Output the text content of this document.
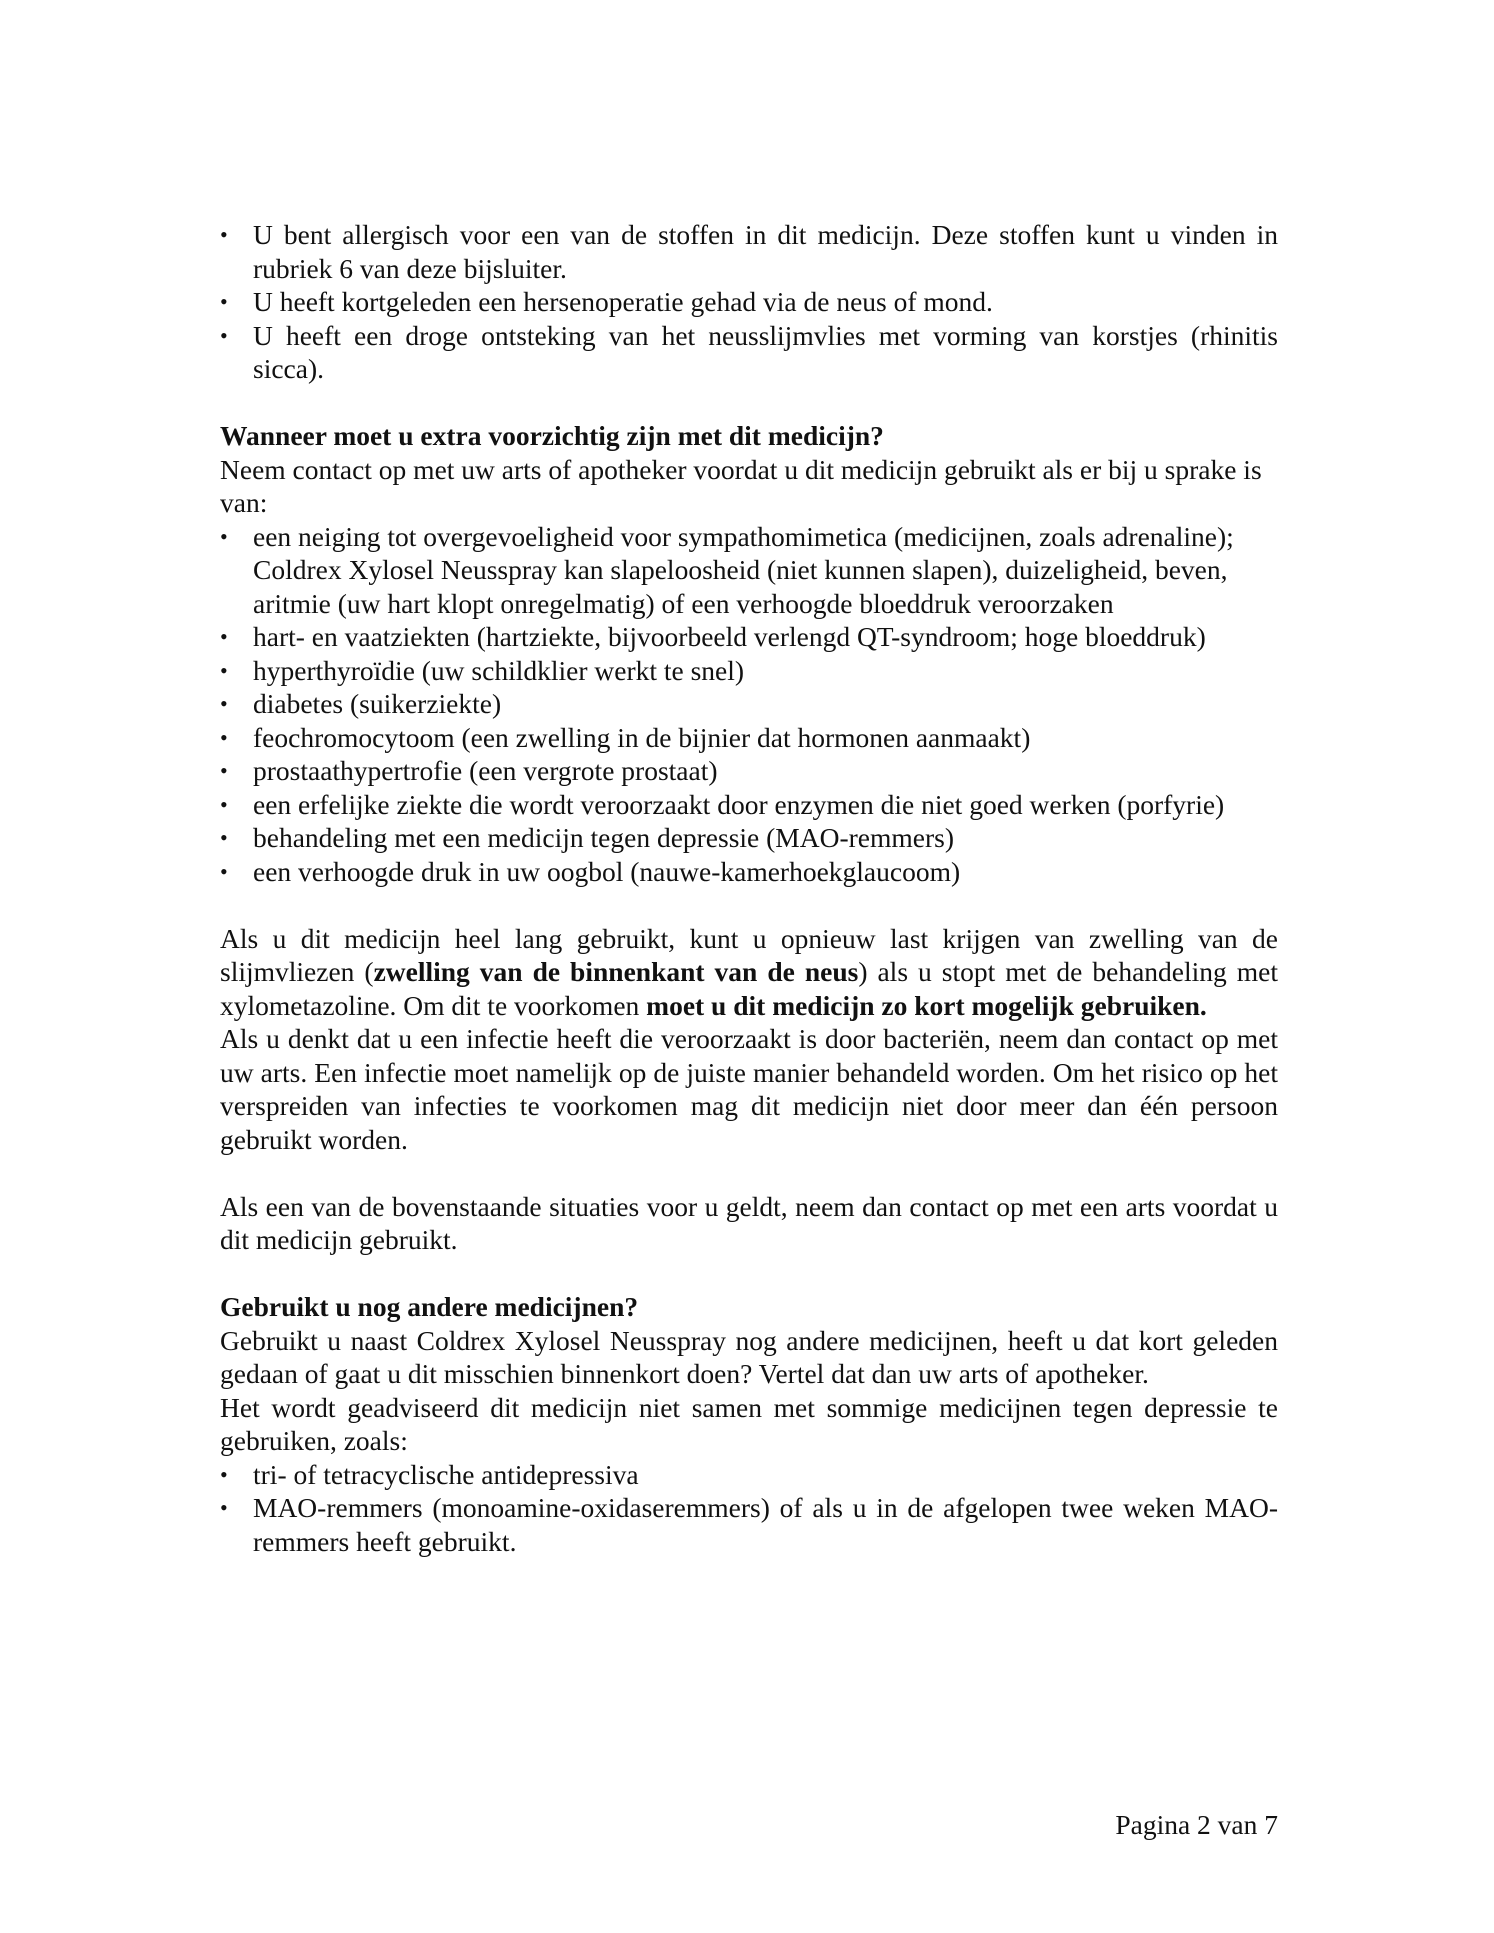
• U bent allergisch voor een van de stoffen in dit medicijn. Deze stoffen kunt u vinden in rubriek 6 van deze bijsluiter.
• U heeft kortgeleden een hersenoperatie gehad via de neus of mond.
• U heeft een droge ontsteking van het neusslijmvlies met vorming van korstjes (rhinitis sicca).

Wanneer moet u extra voorzichtig zijn met dit medicijn?

Neem contact op met uw arts of apotheker voordat u dit medicijn gebruikt als er bij u sprake is van:

• een neiging tot overgevoeligheid voor sympathomimetica (medicijnen, zoals adrenaline); Coldrex Xylosel Neusspray kan slapeloosheid (niet kunnen slapen), duizeligheid, beven, aritmie (uw hart klopt onregelmatig) of een verhoogde bloeddruk veroorzaken
• hart- en vaatziekten (hartziekte, bijvoorbeeld verlengd QT-syndroom; hoge bloeddruk)
• hyperthyroïdie (uw schildklier werkt te snel)
• diabetes (suikerziekte)
• feochromocytoom (een zwelling in de bijnier dat hormonen aanmaakt)
• prostaathypertrofie (een vergrote prostaat)
• een erfelijke ziekte die wordt veroorzaakt door enzymen die niet goed werken (porfyrie)
• behandeling met een medicijn tegen depressie (MAO-remmers)
• een verhoogde druk in uw oogbol (nauwe-kamerhoekglaucoom)

Als u dit medicijn heel lang gebruikt, kunt u opnieuw last krijgen van zwelling van de slijmvliezen (zwelling van de binnenkant van de neus) als u stopt met de behandeling met xylometazoline. Om dit te voorkomen moet u dit medicijn zo kort mogelijk gebruiken.

Als u denkt dat u een infectie heeft die veroorzaakt is door bacteriën, neem dan contact op met uw arts. Een infectie moet namelijk op de juiste manier behandeld worden. Om het risico op het verspreiden van infecties te voorkomen mag dit medicijn niet door meer dan één persoon gebruikt worden.

Als een van de bovenstaande situaties voor u geldt, neem dan contact op met een arts voordat u dit medicijn gebruikt.

Gebruikt u nog andere medicijnen?

Gebruikt u naast Coldrex Xylosel Neusspray nog andere medicijnen, heeft u dat kort geleden gedaan of gaat u dit misschien binnenkort doen? Vertel dat dan uw arts of apotheker.

Het wordt geadviseerd dit medicijn niet samen met sommige medicijnen tegen depressie te gebruiken, zoals:

• tri- of tetracyclische antidepressiva
• MAO-remmers (monoamine-oxidaseremmers) of als u in de afgelopen twee weken MAO-remmers heeft gebruikt.
Pagina 2 van 7
